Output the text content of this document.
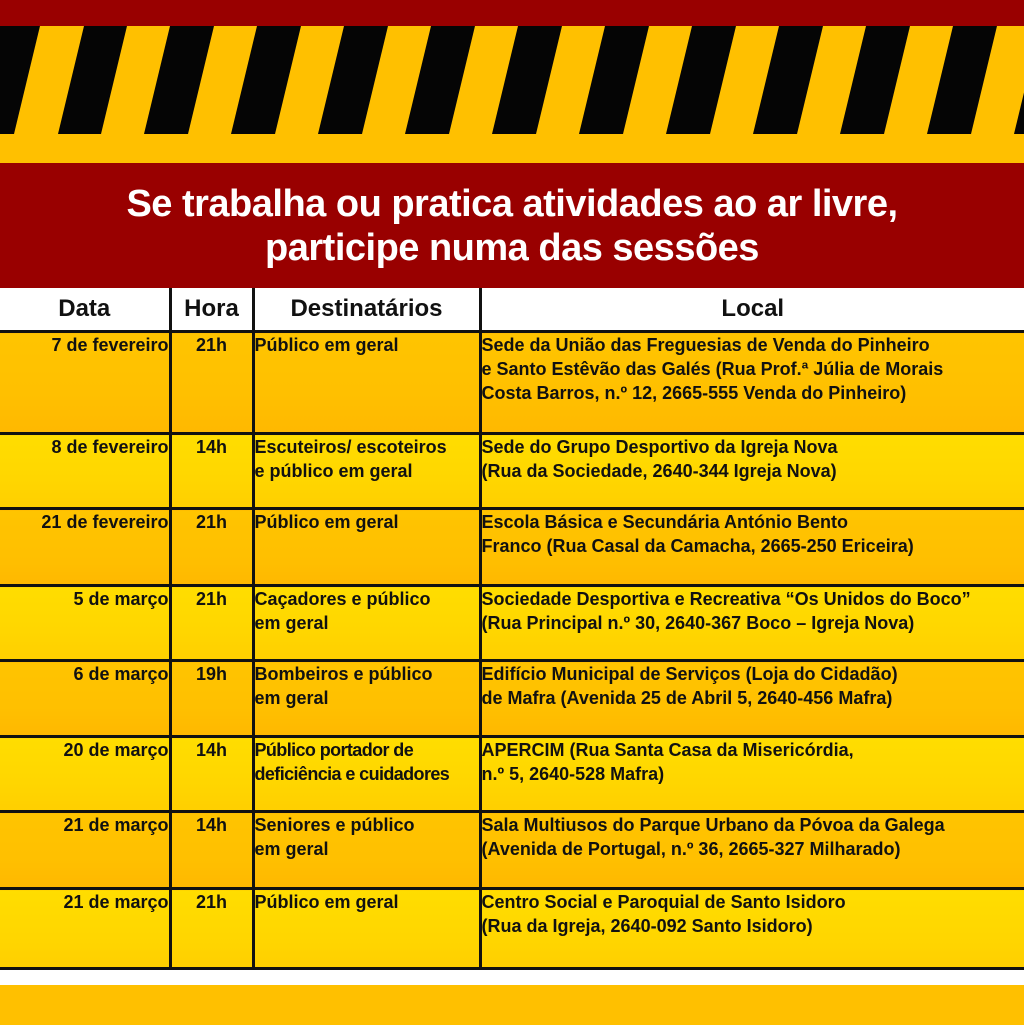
Se trabalha ou pratica atividades ao ar livre,
participe numa das sessões
Data	Hora	Destinatários	Local
7 de fevereiro	21h	Público em geral	Sede da União das Freguesias de Venda do Pinheiro
e Santo Estêvão das Galés (Rua Prof.ª Júlia de Morais
Costa Barros, n.º 12, 2665-555 Venda do Pinheiro)

8 de fevereiro	14h	Escuteiros/ escoteiros
e público em geral	Sede do Grupo Desportivo da Igreja Nova
(Rua da Sociedade, 2640-344 Igreja Nova)

21 de fevereiro	21h	Público em geral	Escola Básica e Secundária António Bento
Franco (Rua Casal da Camacha, 2665-250 Ericeira)

5 de março	21h	Caçadores e público
em geral	Sociedade Desportiva e Recreativa “Os Unidos do Boco”
(Rua Principal n.º 30, 2640-367 Boco – Igreja Nova)

6 de março	19h	Bombeiros e público
em geral	Edifício Municipal de Serviços (Loja do Cidadão)
de Mafra (Avenida 25 de Abril 5, 2640-456 Mafra)

20 de março	14h	Público portador de
deficiência e cuidadores	APERCIM (Rua Santa Casa da Misericórdia,
n.º 5, 2640-528 Mafra)

21 de março	14h	Seniores e público
em geral	Sala Multiusos do Parque Urbano da Póvoa da Galega
(Avenida de Portugal, n.º 36, 2665-327 Milharado)

21 de março	21h	Público em geral	Centro Social e Paroquial de Santo Isidoro
(Rua da Igreja, 2640-092 Santo Isidoro)
